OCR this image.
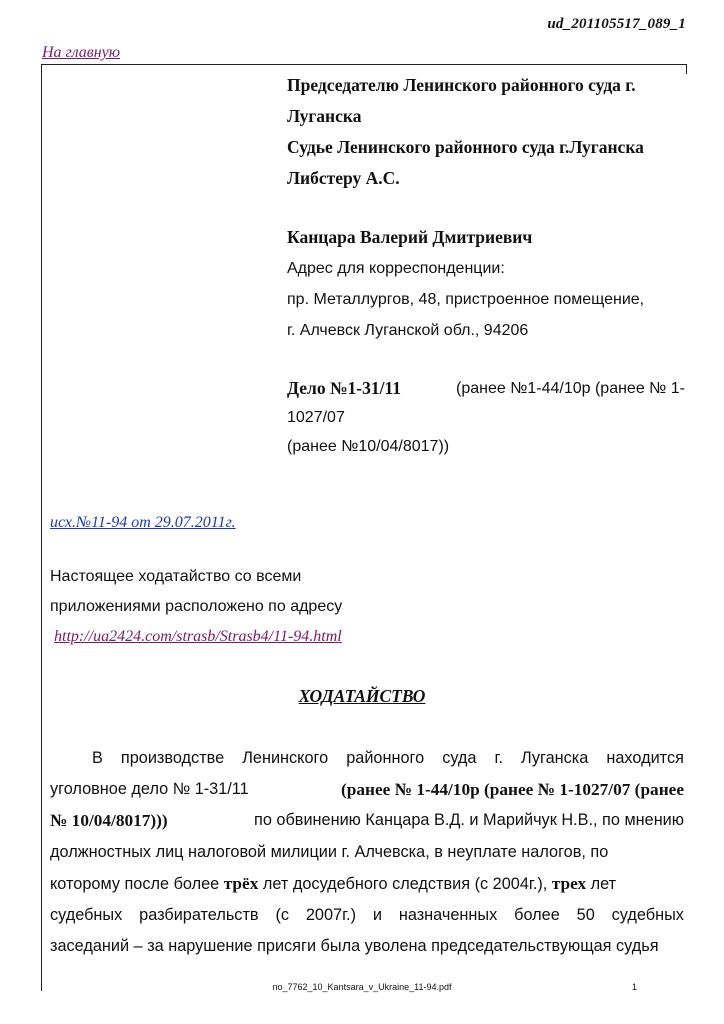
ud_201105517_089_1
На главную
Председателю Ленинского районного суда г.
Луганска
Судье Ленинского районного суда г.Луганска
Либстеру А.С.
Канцара Валерий Дмитриевич
Адрес для корреспонденции:
пр. Металлургов, 48, пристроенное помещение,
г. Алчевск Луганской обл., 94206
Дело №1-31/11	(ранее №1-44/10р (ранее № 1-
1027/07
(ранее №10/04/8017))
исх.№11-94 от 29.07.2011г.
Настоящее ходатайство со всеми
приложениями расположено по адресу
http://ua2424.com/strasb/Strasb4/11-94.html
ХОДАТАЙСТВО
В производстве Ленинского районного суда г. Луганска находится
уголовное дело № 1-31/11	(ранее № 1-44/10р (ранее № 1-1027/07 (ранее
№ 10/04/8017)))	по обвинению Канцара В.Д. и Марийчук Н.В., по мнению
должностных лиц налоговой милиции г. Алчевска, в неуплате налогов, по
которому после более трёх лет досудебного следствия (с 2004г.), трех лет
судебных разбирательств (с 2007г.) и назначенных более 50 судебных
заседаний – за нарушение присяги была уволена председательствующая судья
no_7762_10_Kantsara_v_Ukraine_11-94.pdf	1
